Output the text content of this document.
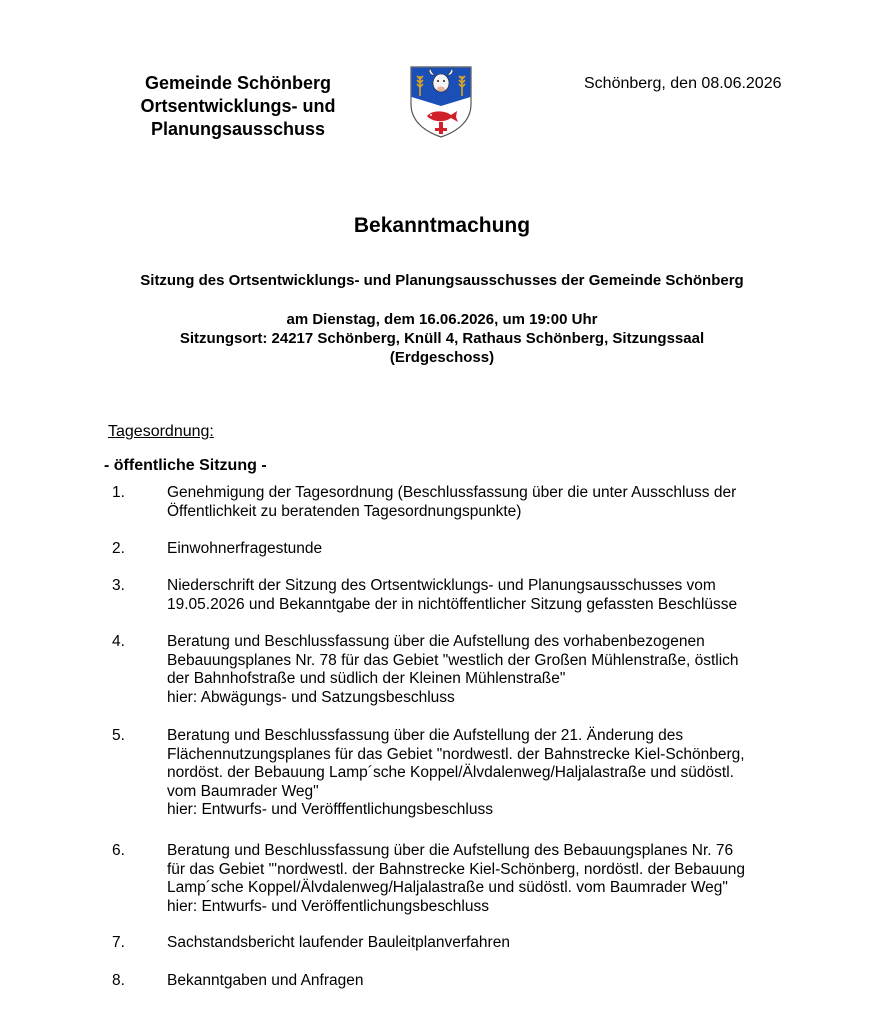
Gemeinde Schönberg
Ortsentwicklungs- und
Planungsausschuss
Schönberg, den 08.06.2026
Bekanntmachung
Sitzung des Ortsentwicklungs- und Planungsausschusses der Gemeinde Schönberg
am Dienstag, dem 16.06.2026, um 19:00 Uhr
Sitzungsort: 24217 Schönberg, Knüll 4, Rathaus Schönberg, Sitzungssaal
(Erdgeschoss)
Tagesordnung:
- öffentliche Sitzung -
1.	Genehmigung der Tagesordnung (Beschlussfassung über die unter Ausschluss der
Öffentlichkeit zu beratenden Tagesordnungspunkte)
2.	Einwohnerfragestunde
3.	Niederschrift der Sitzung des Ortsentwicklungs- und Planungsausschusses vom
19.05.2026 und Bekanntgabe der in nichtöffentlicher Sitzung gefassten Beschlüsse
4.	Beratung und Beschlussfassung über die Aufstellung des vorhabenbezogenen
Bebauungsplanes Nr. 78 für das Gebiet "westlich der Großen Mühlenstraße, östlich
der Bahnhofstraße und südlich der Kleinen Mühlenstraße"
hier: Abwägungs- und Satzungsbeschluss
5.	Beratung und Beschlussfassung über die Aufstellung der 21. Änderung des
Flächennutzungsplanes für das Gebiet "nordwestl. der Bahnstrecke Kiel-Schönberg,
nordöst. der Bebauung Lamp´sche Koppel/Älvdalenweg/Haljalastraße und südöstl.
vom Baumrader Weg"
hier: Entwurfs- und Veröfffentlichungsbeschluss
6.	Beratung und Beschlussfassung über die Aufstellung des Bebauungsplanes Nr. 76
für das Gebiet "'nordwestl. der Bahnstrecke Kiel-Schönberg, nordöstl. der Bebauung
Lamp´sche Koppel/Älvdalenweg/Haljalastraße und südöstl. vom Baumrader Weg"
hier: Entwurfs- und Veröffentlichungsbeschluss
7.	Sachstandsbericht laufender Bauleitplanverfahren
8.	Bekanntgaben und Anfragen
